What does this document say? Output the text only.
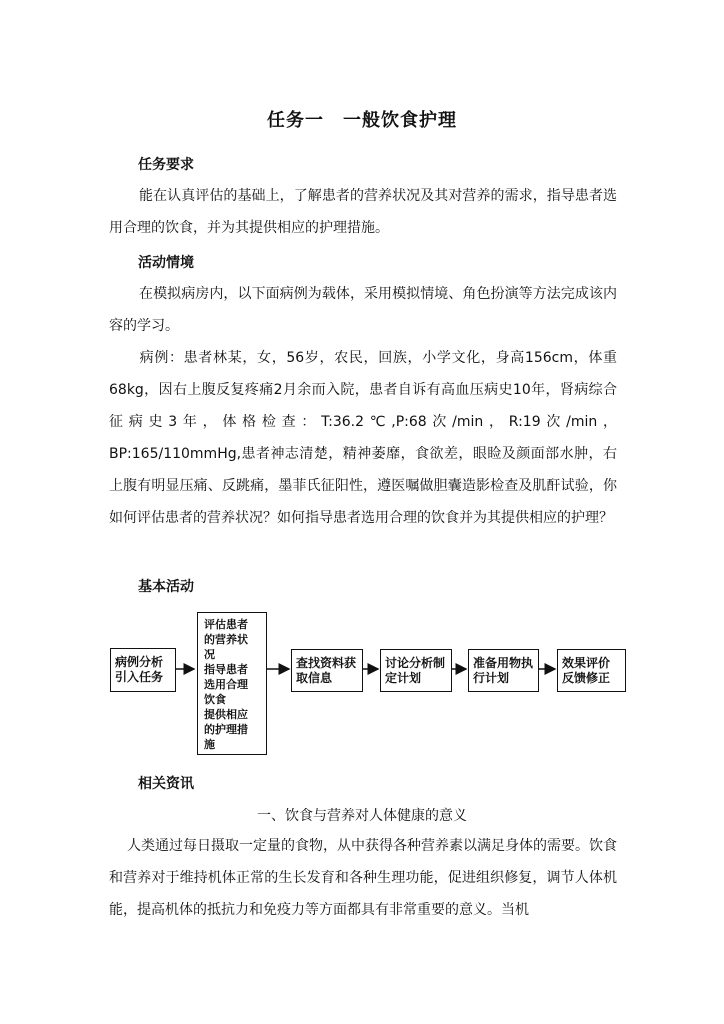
任务一　一般饮食护理
任务要求

能在认真评估的基础上，了解患者的营养状况及其对营养的需求，指导患者选用合理的饮食，并为其提供相应的护理措施。

活动情境

在模拟病房内，以下面病例为载体，采用模拟情境、角色扮演等方法完成该内容的学习。

病例：患者林某，女，56岁，农民，回族，小学文化，身高156cm，体重68kg，因右上腹反复疼痛2月余而入院，患者自诉有高血压病史10年，肾病综合征病史3年，体格检查：T:36.2℃,P:68次/min，R:19次/min，BP:165/110mmHg,患者神志清楚，精神萎靡，食欲差，眼睑及颜面部水肿，右上腹有明显压痛、反跳痛，墨菲氏征阳性，遵医嘱做胆囊造影检查及肌酐试验，你如何评估患者的营养状况？如何指导患者选用合理的饮食并为其提供相应的护理？

基本活动
病例分析引入任务
评估患者
的营养状
况
指导患者
选用合理
饮食
提供相应
的护理措
施
查找资料获取信息
讨论分析制定计划
准备用物执行计划
效果评价反馈修正
相关资讯
一、饮食与营养对人体健康的意义

人类通过每日摄取一定量的食物，从中获得各种营养素以满足身体的需要。饮食和营养对于维持机体正常的生长发育和各种生理功能，促进组织修复，调节人体机能，提高机体的抵抗力和免疫力等方面都具有非常重要的意义。当机
